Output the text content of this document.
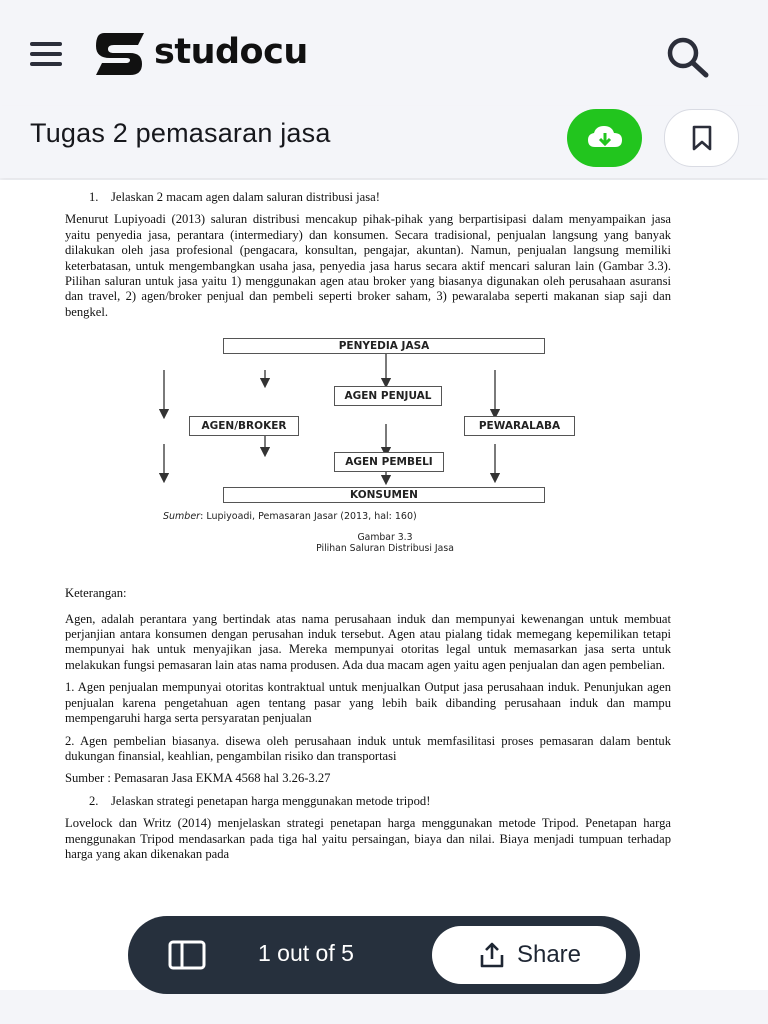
studocu
Tugas 2 pemasaran jasa

1. Jelaskan 2 macam agen dalam saluran distribusi jasa!

Menurut Lupiyoadi (2013) saluran distribusi mencakup pihak-pihak yang berpartisipasi dalam menyampaikan jasa yaitu penyedia jasa, perantara (intermediary) dan konsumen. Secara tradisional, penjualan langsung yang banyak dilakukan oleh jasa profesional (pengacara, konsultan, pengajar, akuntan). Namun, penjualan langsung memiliki keterbatasan, untuk mengembangkan usaha jasa, penyedia jasa harus secara aktif mencari saluran lain (Gambar 3.3). Pilihan saluran untuk jasa yaitu 1) menggunakan agen atau broker yang biasanya digunakan oleh perusahaan asuransi dan travel, 2) agen/broker penjual dan pembeli seperti broker saham, 3) pewaralaba seperti makanan siap saji dan bengkel.

PENYEDIA JASA
AGEN PENJUAL
AGEN/BROKER	PEWARALABA
AGEN PEMBELI
KONSUMEN
Sumber: Lupiyoadi, Pemasaran Jasar (2013, hal: 160)
Gambar 3.3
Pilihan Saluran Distribusi Jasa

Keterangan:

Agen, adalah perantara yang bertindak atas nama perusahaan induk dan mempunyai kewenangan untuk membuat perjanjian antara konsumen dengan perusahan induk tersebut. Agen atau pialang tidak memegang kepemilikan tetapi mempunyai hak untuk menyajikan jasa. Mereka mempunyai otoritas legal untuk memasarkan jasa serta untuk melakukan fungsi pemasaran lain atas nama produsen. Ada dua macam agen yaitu agen penjualan dan agen pembelian.

1. Agen penjualan mempunyai otoritas kontraktual untuk menjualkan Output jasa perusahaan induk. Penunjukan agen penjualan karena pengetahuan agen tentang pasar yang lebih baik dibanding perusahaan induk dan mampu mempengaruhi harga serta persyaratan penjualan

2. Agen pembelian biasanya. disewa oleh perusahaan induk untuk memfasilitasi proses pemasaran dalam bentuk dukungan finansial, keahlian, pengambilan risiko dan transportasi

Sumber : Pemasaran Jasa EKMA 4568 hal 3.26-3.27

2. Jelaskan strategi penetapan harga menggunakan metode tripod!

Lovelock dan Writz (2014) menjelaskan strategi penetapan harga menggunakan metode Tripod. Penetapan harga menggunakan Tripod mendasarkan pada tiga hal yaitu persaingan, biaya dan nilai. Biaya menjadi tumpuan terhadap harga yang akan dikenakan pada

1 out of 5	Share
